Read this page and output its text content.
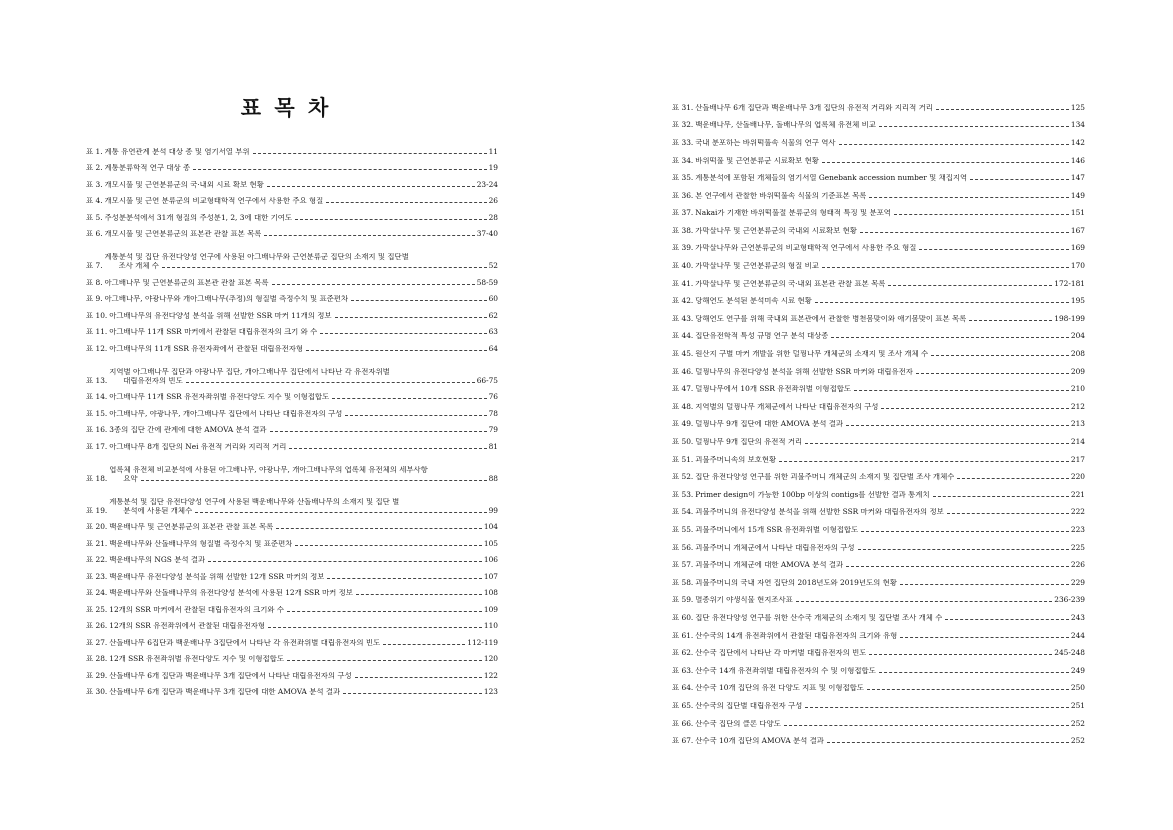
표 목 차
표 1. 계통 유연관계 분석 대상 종 및 염기서열 부위	11
표 2. 계통분류학적 연구 대상 종	19
표 3. 개모시풀 및 근연분류군의 국·내외 시료 확보 현황	23-24
표 4. 개모시풀 및 근연 분류군의 비교형태학적 연구에서 사용한 주요 형질	26
표 5. 주성분분석에서 31개 형질의 주성분1, 2, 3에 대한 기여도	28
표 6. 개모시풀 및 근연분류군의 표본관 관찰 표본 목록	37-40
표 7.
계통분석 및 집단 유전다양성 연구에 사용된 아그배나무와 근연분류군 집단의 소재지 및 집단별
조사 개체 수	52
표 8. 아그배나무 및 근연분류군의 표본관 관찰 표본 목록	58-59
표 9. 아그배나무, 야광나무와 개아그배나무(추정)의 형질별 측정수치 및 표준편차	60
표 10. 아그배나무의 유전다양성 분석을 위해 선발한 SSR 마커 11개의 정보	62
표 11. 아그배나무 11개 SSR 마커에서 관찰된 대립유전자의 크기 와 수	63
표 12. 아그배나무의 11개 SSR 유전자좌에서 관찰된 대립유전자형	64
표 13.
지역별 아그배나무 집단과 야광나무 집단, 개아그배나무 집단에서 나타난 각 유전자위별
대립유전자의 빈도	66-75
표 14. 아그배나무 11개 SSR 유전자좌위별 유전다양도 지수 및 이형접합도	76
표 15. 아그배나무, 야광나무, 개아그배나무 집단에서 나타난 대립유전자의 구성	78
표 16. 3종의 집단 간에 관계에 대한 AMOVA 분석 결과	79
표 17. 아그배나무 8개 집단의 Nei 유전적 거리와 지리적 거리	81
표 18.
엽록체 유전체 비교분석에 사용된 아그배나무, 야광나무, 개아그배나무의 엽록체 유전체의 세부사항
요약	88
표 19.
계통분석 및 집단 유전다양성 연구에 사용된 백운배나무와 산돌배나무의 소재지 및 집단 별
분석에 사용된 개체수	99
표 20. 백운배나무 및 근연분류군의 표본관 관찰 표본 목록	104
표 21. 백운배나무와 산돌배나무의 형질별 측정수치 및 표준편차	105
표 22. 백운배나무의 NGS 분석 결과	106
표 23. 백운배나무 유전다양성 분석을 위해 선발한 12개 SSR 마커의 정보	107
표 24. 백운배나무와 산돌배나무의 유전다양성 분석에 사용된 12개 SSR 마커 정보	108
표 25. 12개의 SSR 마커에서 관찰된 대립유전자의 크기와 수	109
표 26. 12개의 SSR 유전좌위에서 관찰된 대립유전자형	110
표 27. 산돌배나무 6집단과 백운배나무 3집단에서 나타난 각 유전좌위별 대립유전자의 빈도	112-119
표 28. 12개 SSR 유전좌위별 유전다양도 지수 및 이형접합도	120
표 29. 산돌배나무 6개 집단과 백운배나무 3개 집단에서 나타난 대립유전자의 구성	122
표 30. 산돌배나무 6개 집단과 백운배나무 3개 집단에 대한 AMOVA 분석 결과	123
표 31. 산돌배나무 6개 집단과 백운배나무 3개 집단의 유전적 거리와 지리적 거리	125
표 32. 백운배나무, 산돌배나무, 돌배나무의 엽록체 유전체 비교	134
표 33. 국내 분포하는 바위떡풀속 식물의 연구 역사	142
표 34. 바위떡풀 및 근연분류군 시료확보 현황	146
표 35. 계통분석에 포함된 개체들의 염기서열 Genebank accession number 및 채집지역	147
표 36. 본 연구에서 관찰한 바위떡풀속 식물의 기준표본 목록	149
표 37. Nakai가 기재한 바위떡풀절 분류군의 형태적 특징 및 분포역	151
표 38. 가막살나무 및 근연분류군의 국내외 시료확보 현황	167
표 39. 가막살나무와 근연분류군의 비교형태학적 연구에서 사용한 주요 형질	169
표 40. 가막살나무 및 근연분류군의 형질 비교	170
표 41. 가막살나무 및 근연분류군의 국·내외 표본관 관찰 표본 목록	172-181
표 42. 당해연도 분석된 분석미속 시료 현황	195
표 43. 당해연도 연구를 위해 국내외 표본관에서 관찰한 병천봄맞이와 애기봄맞이 표본 목록	198-199
표 44. 집단유전학적 특성 규명 연구 분석 대상종	204
표 45. 원산지 구별 마커 개발을 위한 덜꿩나무 개체군의 소재지 및 조사 개체 수	208
표 46. 덜꿩나무의 유전다양성 분석을 위해 선발한 SSR 마커와 대립유전자	209
표 47. 덜꿩나무에서 10개 SSR 유전좌위별 이형접합도	210
표 48. 지역별의 덜꿩나무 개체군에서 나타난 대립유전자의 구성	212
표 49. 덜꿩나무 9개 집단에 대한 AMOVA 분석 결과	213
표 50. 덜꿩나무 9개 집단의 유전적 거리	214
표 51. 괴불주머니속의 보호현황	217
표 52. 집단 유전다양성 연구를 위한 괴불주머니 개체군의 소재지 및 집단별 조사 개체수	220
표 53. Primer design이 가능한 100bp 이상의 contigs를 선발한 결과 통계치	221
표 54. 괴불주머니의 유전다양성 분석을 위해 선발한 SSR 마커와 대립유전자의 정보	222
표 55. 괴불주머니에서 15개 SSR 유전좌위별 이형접합도	223
표 56. 괴불주머니 개체군에서 나타난 대립유전자의 구성	225
표 57. 괴불주머니 개체군에 대한 AMOVA 분석 결과	226
표 58. 괴불주머니의 국내 자연 집단의 2018년도와 2019년도의 현황	229
표 59. 멸종위기 야생식물 현지조사표	236-239
표 60. 집단 유전다양성 연구를 위한 산수국 개체군의 소재지 및 집단별 조사 개체 수	243
표 61. 산수국의 14개 유전좌위에서 관찰된 대립유전자의 크기와 유형	244
표 62. 산수국 집단에서 나타난 각 마커별 대립유전자의 빈도	245-248
표 63. 산수국 14개 유전좌위별 대립유전자의 수 및 이형접합도	249
표 64. 산수국 10개 집단의 유전 다양도 지표 및 이형접합도	250
표 65. 산수국의 집단별 대립유전자 구성	251
표 66. 산수국 집단의 클론 다양도	252
표 67. 산수국 10개 집단의 AMOVA 분석 결과	252
